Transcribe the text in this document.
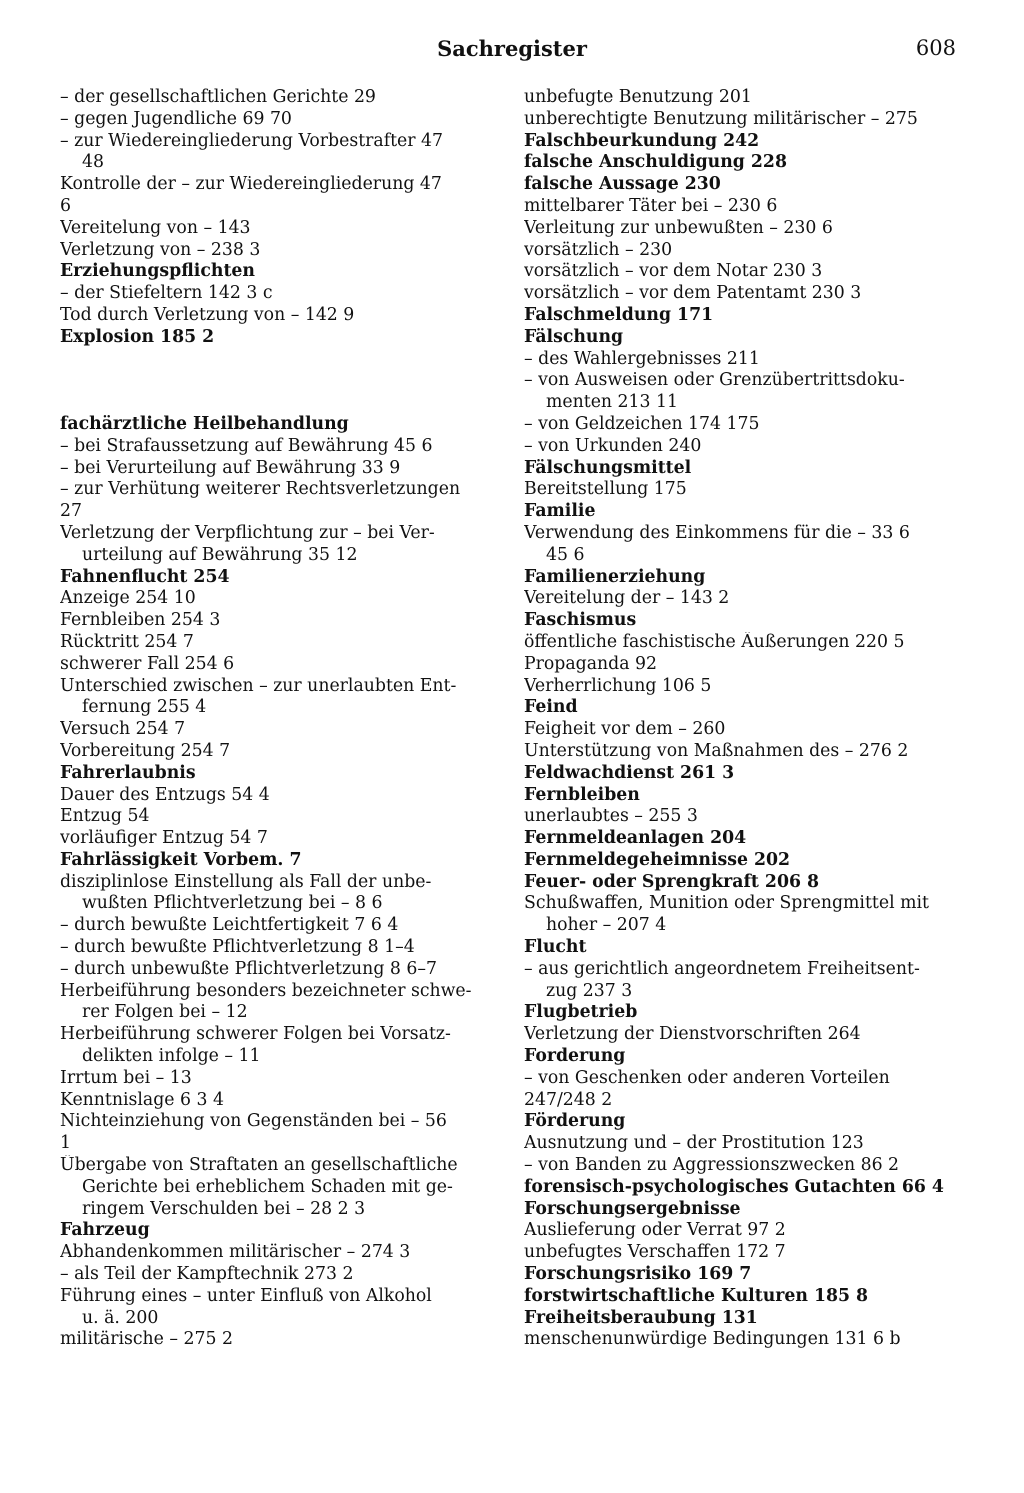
Sachregister	608
– der gesellschaftlichen Gerichte 29
– gegen Jugendliche 69 70
– zur Wiedereingliederung Vorbestrafter 47
48
Kontrolle der – zur Wiedereingliederung 47
6
Vereitelung von – 143
Verletzung von – 238 3
Erziehungspflichten
– der Stiefeltern 142 3 c
Tod durch Verletzung von – 142 9
Explosion 185 2
fachärztliche Heilbehandlung
– bei Strafaussetzung auf Bewährung 45 6
– bei Verurteilung auf Bewährung 33 9
– zur Verhütung weiterer Rechtsverletzungen
27
Verletzung der Verpflichtung zur – bei Ver-
urteilung auf Bewährung 35 12
Fahnenflucht 254
Anzeige 254 10
Fernbleiben 254 3
Rücktritt 254 7
schwerer Fall 254 6
Unterschied zwischen – zur unerlaubten Ent-
fernung 255 4
Versuch 254 7
Vorbereitung 254 7
Fahrerlaubnis
Dauer des Entzugs 54 4
Entzug 54
vorläufiger Entzug 54 7
Fahrlässigkeit Vorbem. 7
disziplinlose Einstellung als Fall der unbe-
wußten Pflichtverletzung bei – 8 6
– durch bewußte Leichtfertigkeit 7 6 4
– durch bewußte Pflichtverletzung 8 1–4
– durch unbewußte Pflichtverletzung 8 6–7
Herbeiführung besonders bezeichneter schwe-
rer Folgen bei – 12
Herbeiführung schwerer Folgen bei Vorsatz-
delikten infolge – 11
Irrtum bei – 13
Kenntnislage 6 3 4
Nichteinziehung von Gegenständen bei – 56
1
Übergabe von Straftaten an gesellschaftliche
Gerichte bei erheblichem Schaden mit ge-
ringem Verschulden bei – 28 2 3
Fahrzeug
Abhandenkommen militärischer – 274 3
– als Teil der Kampftechnik 273 2
Führung eines – unter Einfluß von Alkohol
u. ä. 200
militärische – 275 2
unbefugte Benutzung 201
unberechtigte Benutzung militärischer – 275
Falschbeurkundung 242
falsche Anschuldigung 228
falsche Aussage 230
mittelbarer Täter bei – 230 6
Verleitung zur unbewußten – 230 6
vorsätzlich – 230
vorsätzlich – vor dem Notar 230 3
vorsätzlich – vor dem Patentamt 230 3
Falschmeldung 171
Fälschung
– des Wahlergebnisses 211
– von Ausweisen oder Grenzübertrittsdoku-
menten 213 11
– von Geldzeichen 174 175
– von Urkunden 240
Fälschungsmittel
Bereitstellung 175
Familie
Verwendung des Einkommens für die – 33 6
45 6
Familienerziehung
Vereitelung der – 143 2
Faschismus
öffentliche faschistische Äußerungen 220 5
Propaganda 92
Verherrlichung 106 5
Feind
Feigheit vor dem – 260
Unterstützung von Maßnahmen des – 276 2
Feldwachdienst 261 3
Fernbleiben
unerlaubtes – 255 3
Fernmeldeanlagen 204
Fernmeldegeheimnisse 202
Feuer- oder Sprengkraft 206 8
Schußwaffen, Munition oder Sprengmittel mit
hoher – 207 4
Flucht
– aus gerichtlich angeordnetem Freiheitsent-
zug 237 3
Flugbetrieb
Verletzung der Dienstvorschriften 264
Forderung
– von Geschenken oder anderen Vorteilen
247/248 2
Förderung
Ausnutzung und – der Prostitution 123
– von Banden zu Aggressionszwecken 86 2
forensisch-psychologisches Gutachten 66 4
Forschungsergebnisse
Auslieferung oder Verrat 97 2
unbefugtes Verschaffen 172 7
Forschungsrisiko 169 7
forstwirtschaftliche Kulturen 185 8
Freiheitsberaubung 131
menschenunwürdige Bedingungen 131 6 b
